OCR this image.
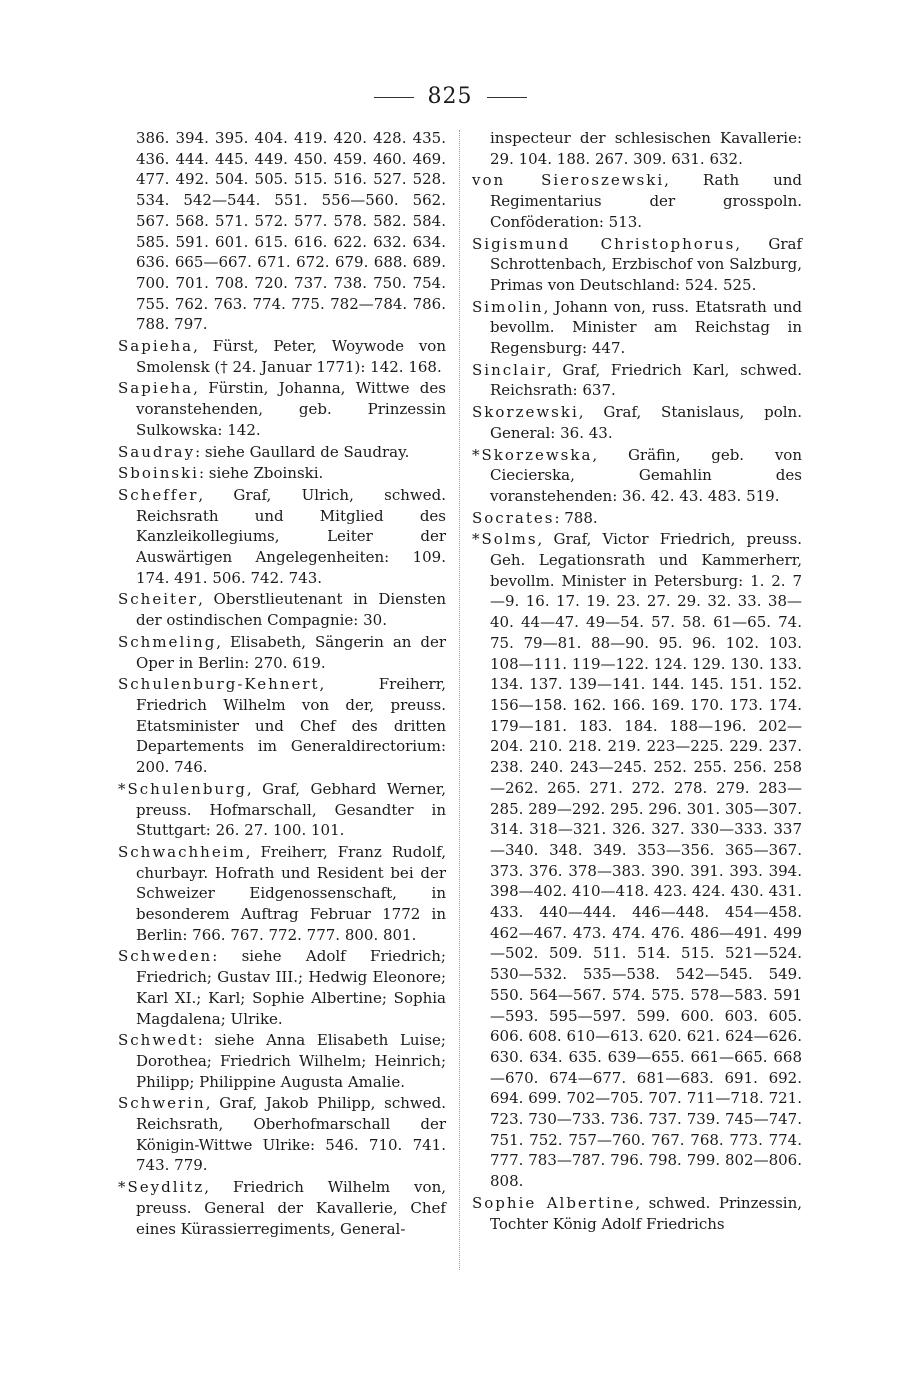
825
386. 394. 395. 404. 419. 420. 428. 435. 436. 444. 445. 449. 450. 459. 460. 469. 477. 492. 504. 505. 515. 516. 527. 528. 534. 542—544. 551. 556—560. 562. 567. 568. 571. 572. 577. 578. 582. 584. 585. 591. 601. 615. 616. 622. 632. 634. 636. 665—667. 671. 672. 679. 688. 689. 700. 701. 708. 720. 737. 738. 750. 754. 755. 762. 763. 774. 775. 782—784. 786. 788. 797.
Sapieha, Fürst, Peter, Woywode von Smolensk († 24. Januar 1771): 142. 168.
Sapieha, Fürstin, Johanna, Wittwe des voranstehenden, geb. Prinzessin Sulkowska: 142.
Saudray: siehe Gaullard de Saudray.
Sboinski: siehe Zboinski.
Scheffer, Graf, Ulrich, schwed. Reichsrath und Mitglied des Kanzleikollegiums, Leiter der Auswärtigen Angelegenheiten: 109. 174. 491. 506. 742. 743.
Scheiter, Oberstlieutenant in Diensten der ostindischen Compagnie: 30.
Schmeling, Elisabeth, Sängerin an der Oper in Berlin: 270. 619.
Schulenburg-Kehnert, Freiherr, Friedrich Wilhelm von der, preuss. Etatsminister und Chef des dritten Departements im Generaldirectorium: 200. 746.
*Schulenburg, Graf, Gebhard Werner, preuss. Hofmarschall, Gesandter in Stuttgart: 26. 27. 100. 101.
Schwachheim, Freiherr, Franz Rudolf, churbayr. Hofrath und Resident bei der Schweizer Eidgenossenschaft, in besonderem Auftrag Februar 1772 in Berlin: 766. 767. 772. 777. 800. 801.
Schweden: siehe Adolf Friedrich; Friedrich; Gustav III.; Hedwig Eleonore; Karl XI.; Karl; Sophie Albertine; Sophia Magdalena; Ulrike.
Schwedt: siehe Anna Elisabeth Luise; Dorothea; Friedrich Wilhelm; Heinrich; Philipp; Philippine Augusta Amalie.
Schwerin, Graf, Jakob Philipp, schwed. Reichsrath, Oberhofmarschall der Königin-Wittwe Ulrike: 546. 710. 741. 743. 779.
*Seydlitz, Friedrich Wilhelm von, preuss. General der Kavallerie, Chef eines Kürassierregiments, General-
inspecteur der schlesischen Kavallerie: 29. 104. 188. 267. 309. 631. 632.
von Sieroszewski, Rath und Regimentarius der grosspoln. Conföderation: 513.
Sigismund Christophorus, Graf Schrottenbach, Erzbischof von Salzburg, Primas von Deutschland: 524. 525.
Simolin, Johann von, russ. Etatsrath und bevollm. Minister am Reichstag in Regensburg: 447.
Sinclair, Graf, Friedrich Karl, schwed. Reichsrath: 637.
Skorzewski, Graf, Stanislaus, poln. General: 36. 43.
*Skorzewska, Gräfin, geb. von Ciecierska, Gemahlin des voranstehenden: 36. 42. 43. 483. 519.
Socrates: 788.
*Solms, Graf, Victor Friedrich, preuss. Geh. Legationsrath und Kammerherr, bevollm. Minister in Petersburg: 1. 2. 7—9. 16. 17. 19. 23. 27. 29. 32. 33. 38—40. 44—47. 49—54. 57. 58. 61—65. 74. 75. 79—81. 88—90. 95. 96. 102. 103. 108—111. 119—122. 124. 129. 130. 133. 134. 137. 139—141. 144. 145. 151. 152. 156—158. 162. 166. 169. 170. 173. 174. 179—181. 183. 184. 188—196. 202—204. 210. 218. 219. 223—225. 229. 237. 238. 240. 243—245. 252. 255. 256. 258—262. 265. 271. 272. 278. 279. 283—285. 289—292. 295. 296. 301. 305—307. 314. 318—321. 326. 327. 330—333. 337—340. 348. 349. 353—356. 365—367. 373. 376. 378—383. 390. 391. 393. 394. 398—402. 410—418. 423. 424. 430. 431. 433. 440—444. 446—448. 454—458. 462—467. 473. 474. 476. 486—491. 499—502. 509. 511. 514. 515. 521—524. 530—532. 535—538. 542—545. 549. 550. 564—567. 574. 575. 578—583. 591—593. 595—597. 599. 600. 603. 605. 606. 608. 610—613. 620. 621. 624—626. 630. 634. 635. 639—655. 661—665. 668—670. 674—677. 681—683. 691. 692. 694. 699. 702—705. 707. 711—718. 721. 723. 730—733. 736. 737. 739. 745—747. 751. 752. 757—760. 767. 768. 773. 774. 777. 783—787. 796. 798. 799. 802—806. 808.
Sophie Albertine, schwed. Prinzessin, Tochter König Adolf Friedrichs
